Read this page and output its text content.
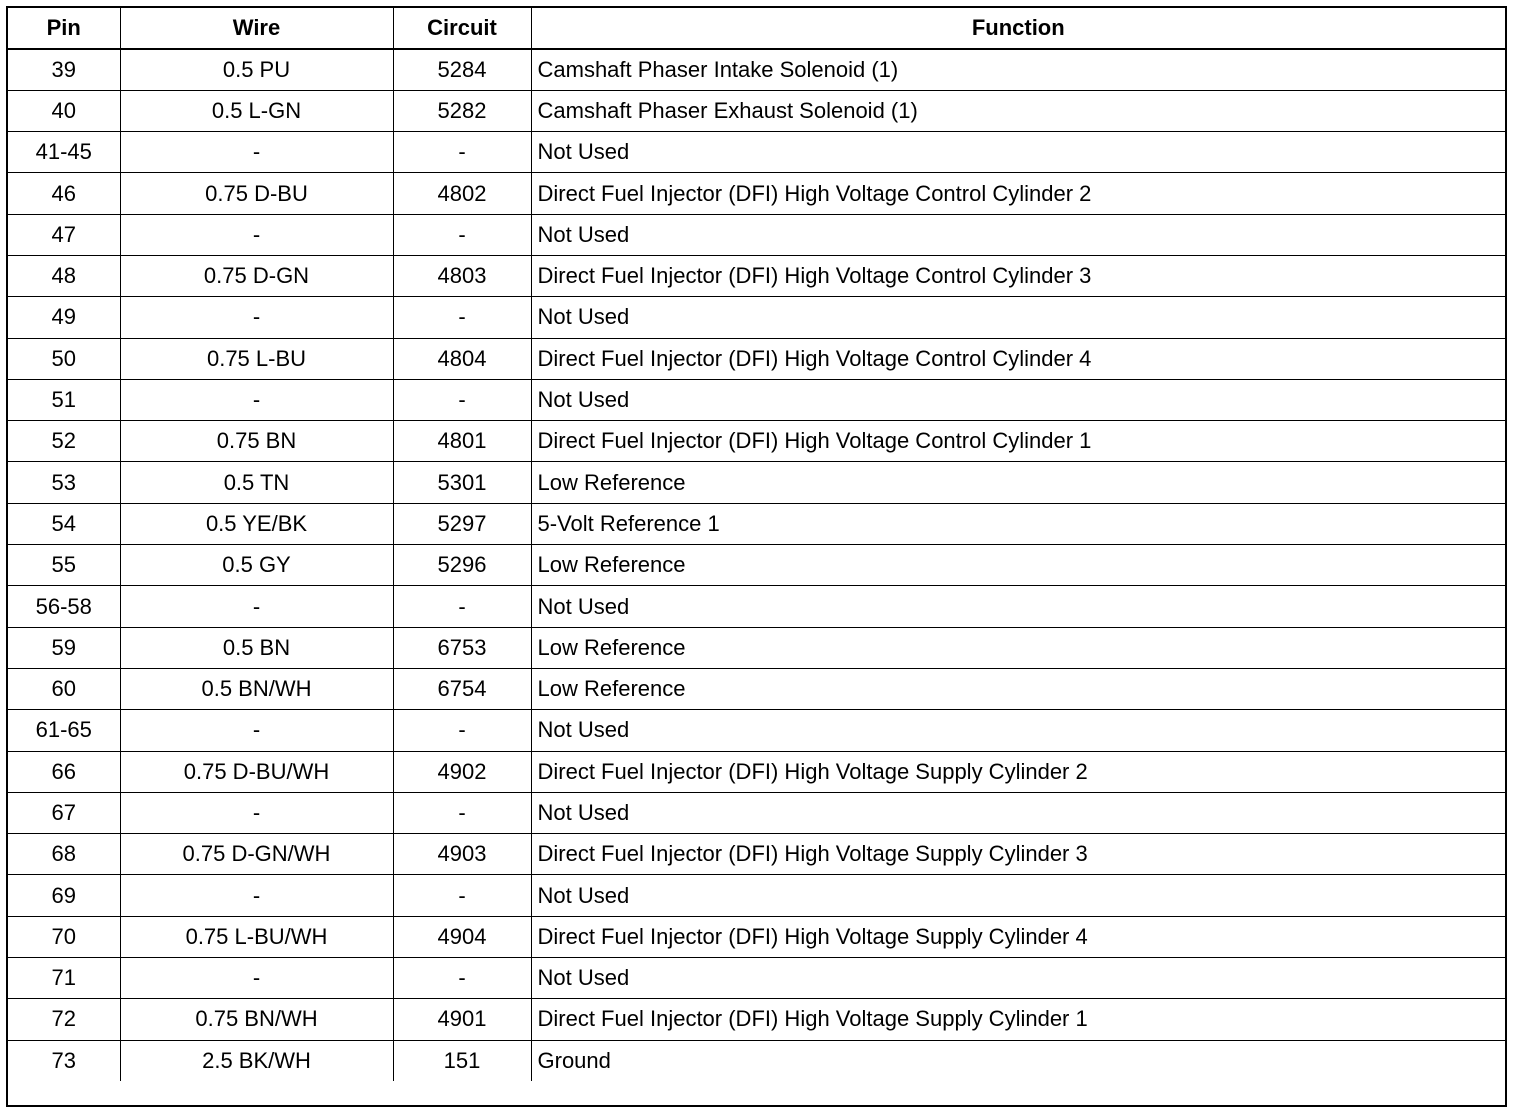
Pin	Wire	Circuit	Function
39	0.5 PU	5284	Camshaft Phaser Intake Solenoid (1)
40	0.5 L-GN	5282	Camshaft Phaser Exhaust Solenoid (1)
41-45	-	-	Not Used
46	0.75 D-BU	4802	Direct Fuel Injector (DFI) High Voltage Control Cylinder 2
47	-	-	Not Used
48	0.75 D-GN	4803	Direct Fuel Injector (DFI) High Voltage Control Cylinder 3
49	-	-	Not Used
50	0.75 L-BU	4804	Direct Fuel Injector (DFI) High Voltage Control Cylinder 4
51	-	-	Not Used
52	0.75 BN	4801	Direct Fuel Injector (DFI) High Voltage Control Cylinder 1
53	0.5 TN	5301	Low Reference
54	0.5 YE/BK	5297	5-Volt Reference 1
55	0.5 GY	5296	Low Reference
56-58	-	-	Not Used
59	0.5 BN	6753	Low Reference
60	0.5 BN/WH	6754	Low Reference
61-65	-	-	Not Used
66	0.75 D-BU/WH	4902	Direct Fuel Injector (DFI) High Voltage Supply Cylinder 2
67	-	-	Not Used
68	0.75 D-GN/WH	4903	Direct Fuel Injector (DFI) High Voltage Supply Cylinder 3
69	-	-	Not Used
70	0.75 L-BU/WH	4904	Direct Fuel Injector (DFI) High Voltage Supply Cylinder 4
71	-	-	Not Used
72	0.75 BN/WH	4901	Direct Fuel Injector (DFI) High Voltage Supply Cylinder 1
73	2.5 BK/WH	151	Ground
